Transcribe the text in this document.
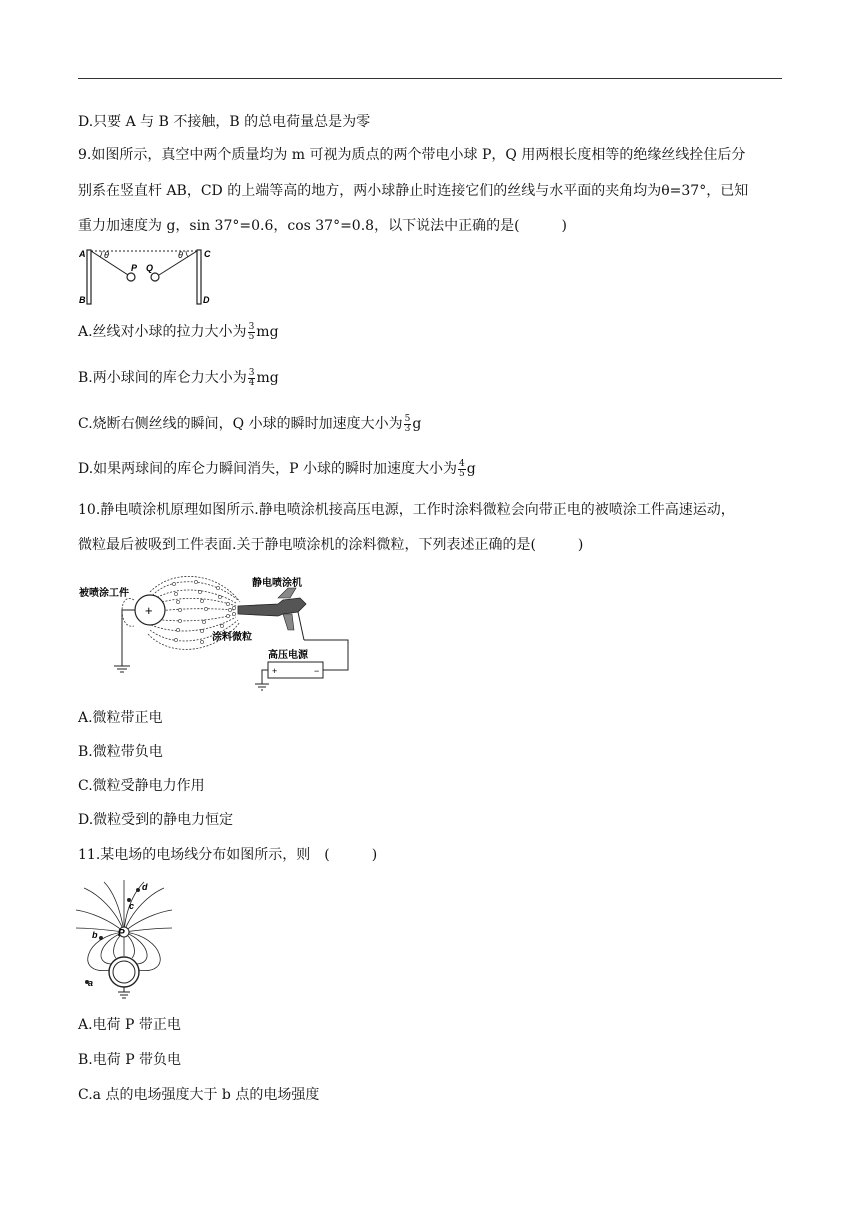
D.只要 A 与 B 不接触，B 的总电荷量总是为零
9.如图所示，真空中两个质量均为 m 可视为质点的两个带电小球 P，Q 用两根长度相等的绝缘丝线拴住后分
别系在竖直杆 AB，CD 的上端等高的地方，两小球静止时连接它们的丝线与水平面的夹角均为θ=37°，已知
重力加速度为 g，sin 37°=0.6，cos 37°=0.8，以下说法中正确的是(　　　)
A
B
C
D
θ	θ
P Q
A.丝线对小球的拉力大小为 $\frac{3}{5}$ mg
B.两小球间的库仑力大小为 $\frac{3}{4}$ mg
C.烧断右侧丝线的瞬间，Q 小球的瞬时加速度大小为 $\frac{5}{3}$ g
D.如果两球间的库仑力瞬间消失，P 小球的瞬时加速度大小为 $\frac{4}{5}$ g
10.静电喷涂机原理如图所示.静电喷涂机接高压电源，工作时涂料微粒会向带正电的被喷涂工件高速运动，
微粒最后被吸到工件表面.关于静电喷涂机的涂料微粒，下列表述正确的是(　　　)
+
被喷涂工件
静电喷涂机
涂料微粒
高压电源
+	−
A.微粒带正电
B.微粒带负电
C.微粒受静电力作用
D.微粒受到的静电力恒定
11.某电场的电场线分布如图所示，则　(　　　)
P
a
b
c
d
A.电荷 P 带正电
B.电荷 P 带负电
C.a 点的电场强度大于 b 点的电场强度
